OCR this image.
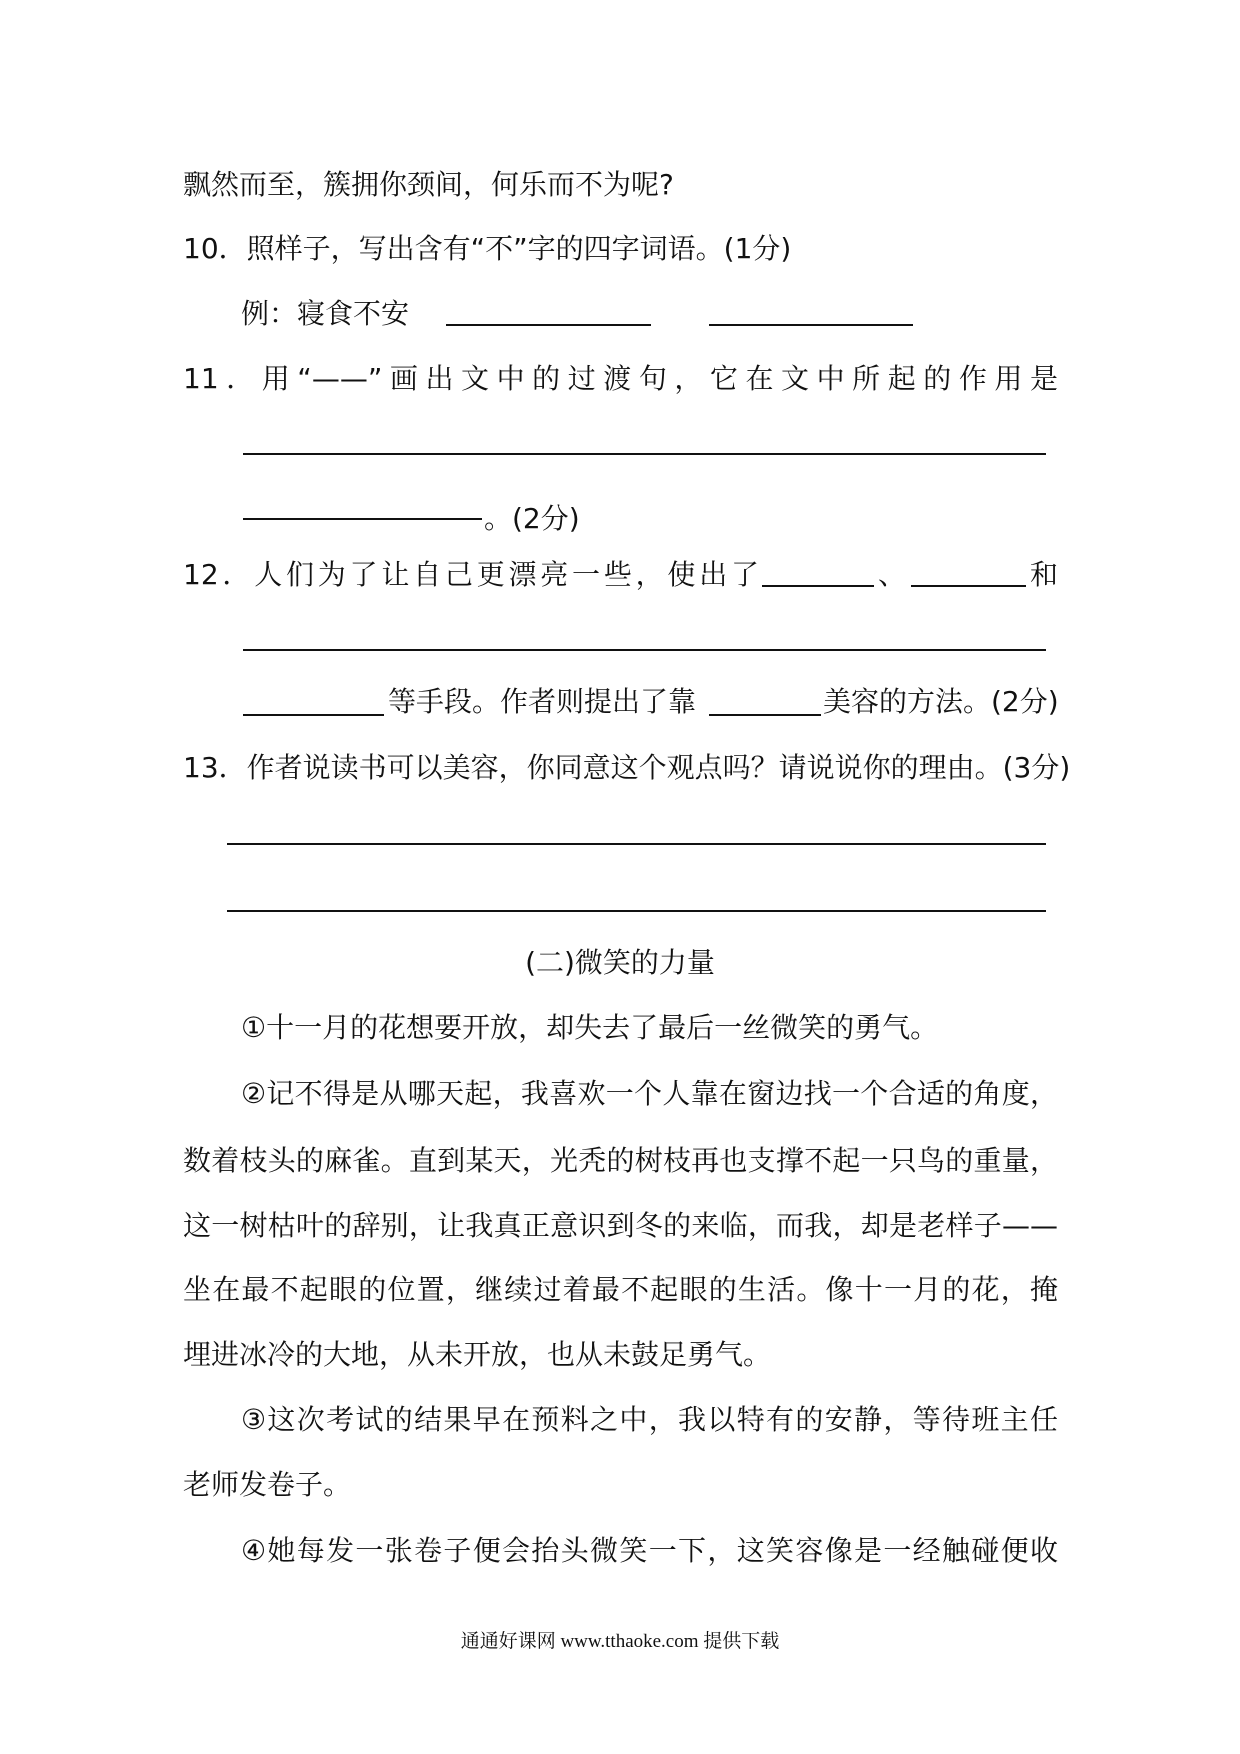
飘然而至，簇拥你颈间，何乐而不为呢?
10．照样子，写出含有“不”字的四字词语。(1分)
例：寝食不安
11．用“——”画出文中的过渡句，它在文中所起的作用是
。(2分)
12．人们为了让自己更漂亮一些，使出了	、	和
等手段。作者则提出了靠	美容的方法。(2分)
13．作者说读书可以美容，你同意这个观点吗？请说说你的理由。(3分)
(二)微笑的力量
①十一月的花想要开放，却失去了最后一丝微笑的勇气。
②记不得是从哪天起，我喜欢一个人靠在窗边找一个合适的角度，
数着枝头的麻雀。直到某天，光秃的树枝再也支撑不起一只鸟的重量，
这一树枯叶的辞别，让我真正意识到冬的来临，而我，却是老样子——
坐在最不起眼的位置，继续过着最不起眼的生活。像十一月的花，掩
埋进冰冷的大地，从未开放，也从未鼓足勇气。
③这次考试的结果早在预料之中，我以特有的安静，等待班主任
老师发卷子。
④她每发一张卷子便会抬头微笑一下，这笑容像是一经触碰便收
通通好课网 www.tthaoke.com 提供下载
